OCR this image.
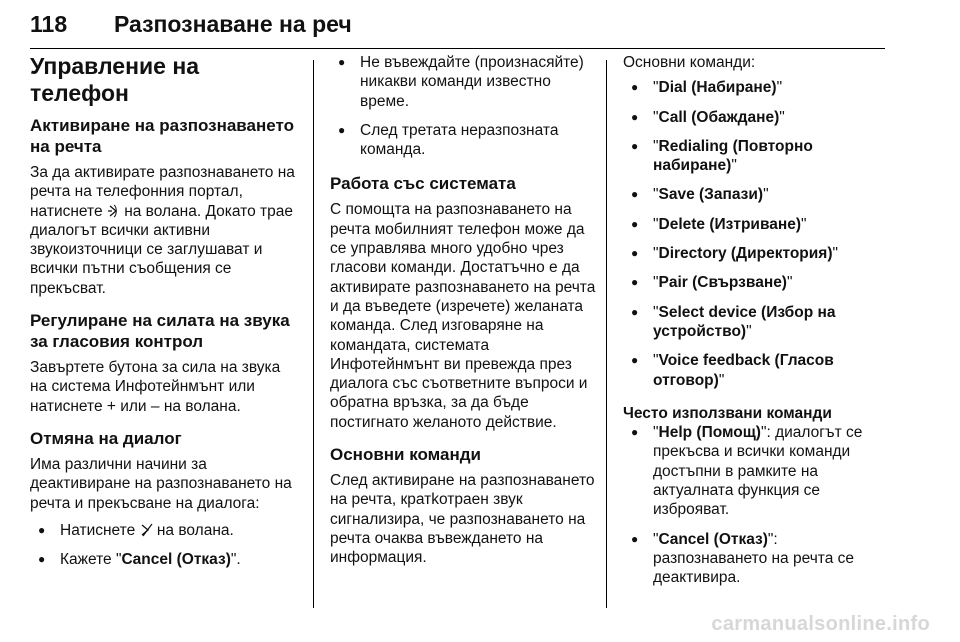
118 Разпознаване на реч
Управление на телефон
Активиране на разпознаването на речта

За да активирате разпознаването на речта на телефонния портал, натиснете на волана. Докато трае диалогът всички активни звукоизточници се заглушават и всички пътни съобщения се прекъсват.

Регулиране на силата на звука за гласовия контрол

Завъртете бутона за сила на звука на система Инфотейнмънт или натиснете + или – на волана.

Отмяна на диалог

Има различни начини за деактивиране на разпознаването на речта и прекъсване на диалога:

● Натиснете на волана.
● Кажете "Cancel (Отказ)".
● Не въвеждайте (произнасяйте) никакви команди известно време.
● След третата неразпозната команда.
Работа със системата

С помощта на разпознаването на речта мобилният телефон може да се управлява много удобно чрез гласови команди. Достатъчно е да активирате разпознаването на речта и да въведете (изречете) желаната команда. След изговаряне на командата, системата Инфотейнмънт ви превежда през диалога със съответните въпроси и обратна връзка, за да бъде постигнато желаното действие.

Основни команди

След активиране на разпознаването на речта, кратkотраен звук сигнализира, че разпознаването на речта очаква въвеждането на информация.

Основни команди:

● "Dial (Набиране)"
● "Call (Обаждане)"
● "Redialing (Повторно набиране)"
● "Save (Запази)"
● "Delete (Изтриване)"
● "Directory (Директория)"
● "Pair (Свързване)"
● "Select device (Избор на устройство)"
● "Voice feedback (Гласов отговор)"
Често използвани команди
● "Help (Помощ)": диалогът се прекъсва и всички команди достъпни в рамките на актуалната функция се изброяват.
● "Cancel (Отказ)": разпознаването на речта се деактивира.
carmanualsonline.info
